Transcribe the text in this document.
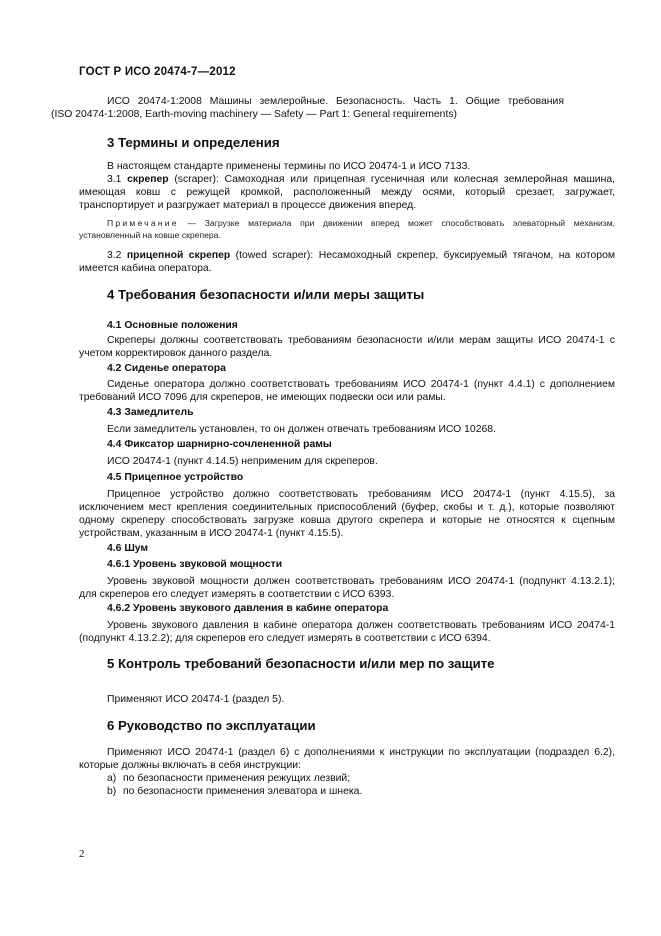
ГОСТ Р ИСО 20474-7—2012
ИСО 20474-1:2008 Машины землеройные. Безопасность. Часть 1. Общие требования
(ISO 20474-1:2008, Earth-moving machinery — Safety — Part 1: General requirements)
3 Термины и определения
В настоящем стандарте применены термины по ИСО 20474-1 и ИСО 7133.
3.1 скрепер (scraper): Самоходная или прицепная гусеничная или колесная землеройная машина, имеющая ковш с режущей кромкой, расположенный между осями, который срезает, загружает, транспортирует и разгружает материал в процессе движения вперед.
Примечание — Загрузке материала при движении вперед может способствовать элеваторный механизм, установленный на ковше скрепера.
3.2 прицепной скрепер (towed scraper): Несамоходный скрепер, буксируемый тягачом, на котором имеется кабина оператора.
4 Требования безопасности и/или меры защиты
4.1 Основные положения
Скреперы должны соответствовать требованиям безопасности и/или мерам защиты ИСО 20474-1 с учетом корректировок данного раздела.
4.2 Сиденье оператора
Сиденье оператора должно соответствовать требованиям ИСО 20474-1 (пункт 4.4.1) с дополнением требований ИСО 7096 для скреперов, не имеющих подвески оси или рамы.
4.3 Замедлитель
Если замедлитель установлен, то он должен отвечать требованиям ИСО 10268.
4.4 Фиксатор шарнирно-сочлененной рамы
ИСО 20474-1 (пункт 4.14.5) неприменим для скреперов.
4.5 Прицепное устройство
Прицепное устройство должно соответствовать требованиям ИСО 20474-1 (пункт 4.15.5), за исключением мест крепления соединительных приспособлений (буфер, скобы и т. д.), которые позволяют одному скреперу способствовать загрузке ковша другого скрепера и которые не относятся к сцепным устройствам, указанным в ИСО 20474-1 (пункт 4.15.5).
4.6 Шум
4.6.1 Уровень звуковой мощности
Уровень звуковой мощности должен соответствовать требованиям ИСО 20474-1 (подпункт 4.13.2.1); для скреперов его следует измерять в соответствии с ИСО 6393.
4.6.2 Уровень звукового давления в кабине оператора
Уровень звукового давления в кабине оператора должен соответствовать требованиям ИСО 20474-1 (подпункт 4.13.2.2); для скреперов его следует измерять в соответствии с ИСО 6394.
5 Контроль требований безопасности и/или мер по защите
Применяют ИСО 20474-1 (раздел 5).
6 Руководство по эксплуатации
Применяют ИСО 20474-1 (раздел 6) с дополнениями к инструкции по эксплуатации (подраздел 6.2), которые должны включать в себя инструкции:
а) по безопасности применения режущих лезвий;
b) по безопасности применения элеватора и шнека.
2
